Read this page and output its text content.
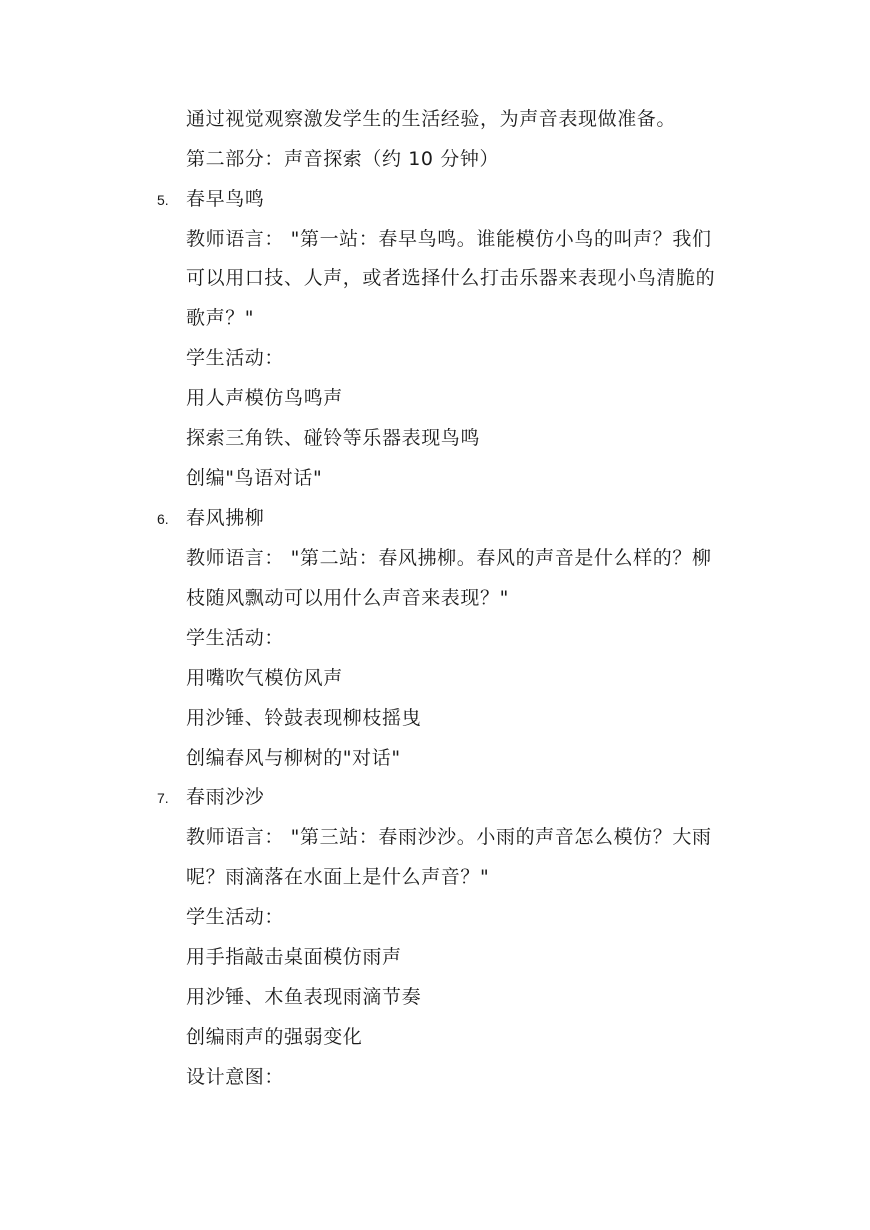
通过视觉观察激发学生的生活经验，为声音表现做准备。
第二部分：声音探索（约 10 分钟）
5. 春早鸟鸣
教师语言： "第一站：春早鸟鸣。谁能模仿小鸟的叫声？我们
可以用口技、人声，或者选择什么打击乐器来表现小鸟清脆的
歌声？"
学生活动：
用人声模仿鸟鸣声
探索三角铁、碰铃等乐器表现鸟鸣
创编"鸟语对话"
6. 春风拂柳
教师语言： "第二站：春风拂柳。春风的声音是什么样的？柳
枝随风飘动可以用什么声音来表现？"
学生活动：
用嘴吹气模仿风声
用沙锤、铃鼓表现柳枝摇曳
创编春风与柳树的"对话"
7. 春雨沙沙
教师语言： "第三站：春雨沙沙。小雨的声音怎么模仿？大雨
呢？雨滴落在水面上是什么声音？"
学生活动：
用手指敲击桌面模仿雨声
用沙锤、木鱼表现雨滴节奏
创编雨声的强弱变化
设计意图：
